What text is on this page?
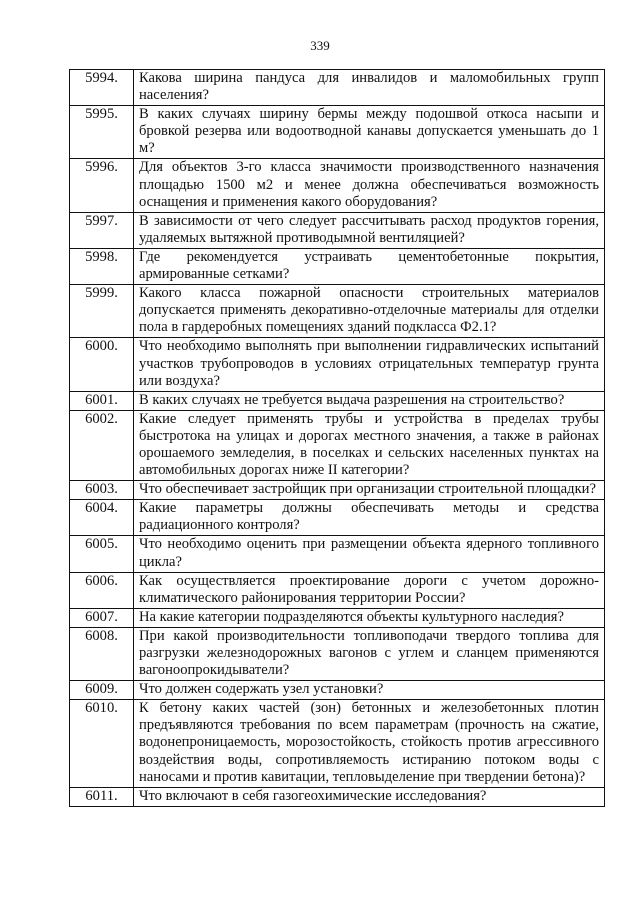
339
5994.	Какова ширина пандуса для инвалидов и маломобильных групп населения?
5995.	В каких случаях ширину бермы между подошвой откоса насыпи и бровкой резерва или водоотводной канавы допускается уменьшать до 1 м?
5996.	Для объектов 3-го класса значимости производственного назначения площадью 1500 м2 и менее должна обеспечиваться возможность оснащения и применения какого оборудования?
5997.	В зависимости от чего следует рассчитывать расход продуктов горения, удаляемых вытяжной противодымной вентиляцией?
5998.	Где рекомендуется устраивать цементобетонные покрытия, армированные сетками?
5999.	Какого класса пожарной опасности строительных материалов допускается применять декоративно-отделочные материалы для отделки пола в гардеробных помещениях зданий подкласса Ф2.1?
6000.	Что необходимо выполнять при выполнении гидравлических испытаний участков трубопроводов в условиях отрицательных температур грунта или воздуха?
6001.	В каких случаях не требуется выдача разрешения на строительство?
6002.	Какие следует применять трубы и устройства в пределах трубы быстротока на улицах и дорогах местного значения, а также в районах орошаемого земледелия, в поселках и сельских населенных пунктах на автомобильных дорогах ниже II категории?
6003.	Что обеспечивает застройщик при организации строительной площадки?
6004.	Какие параметры должны обеспечивать методы и средства радиационного контроля?
6005.	Что необходимо оценить при размещении объекта ядерного топливного цикла?
6006.	Как осуществляется проектирование дороги с учетом дорожно-климатического районирования территории России?
6007.	На какие категории подразделяются объекты культурного наследия?
6008.	При какой производительности топливоподачи твердого топлива для разгрузки железнодорожных вагонов с углем и сланцем применяются вагоноопрокидыватели?
6009.	Что должен содержать узел установки?
6010.	К бетону каких частей (зон) бетонных и железобетонных плотин предъявляются требования по всем параметрам (прочность на сжатие, водонепроницаемость, морозостойкость, стойкость против агрессивного воздействия воды, сопротивляемость истиранию потоком воды с наносами и против кавитации, тепловыделение при твердении бетона)?
6011.	Что включают в себя газогеохимические исследования?
